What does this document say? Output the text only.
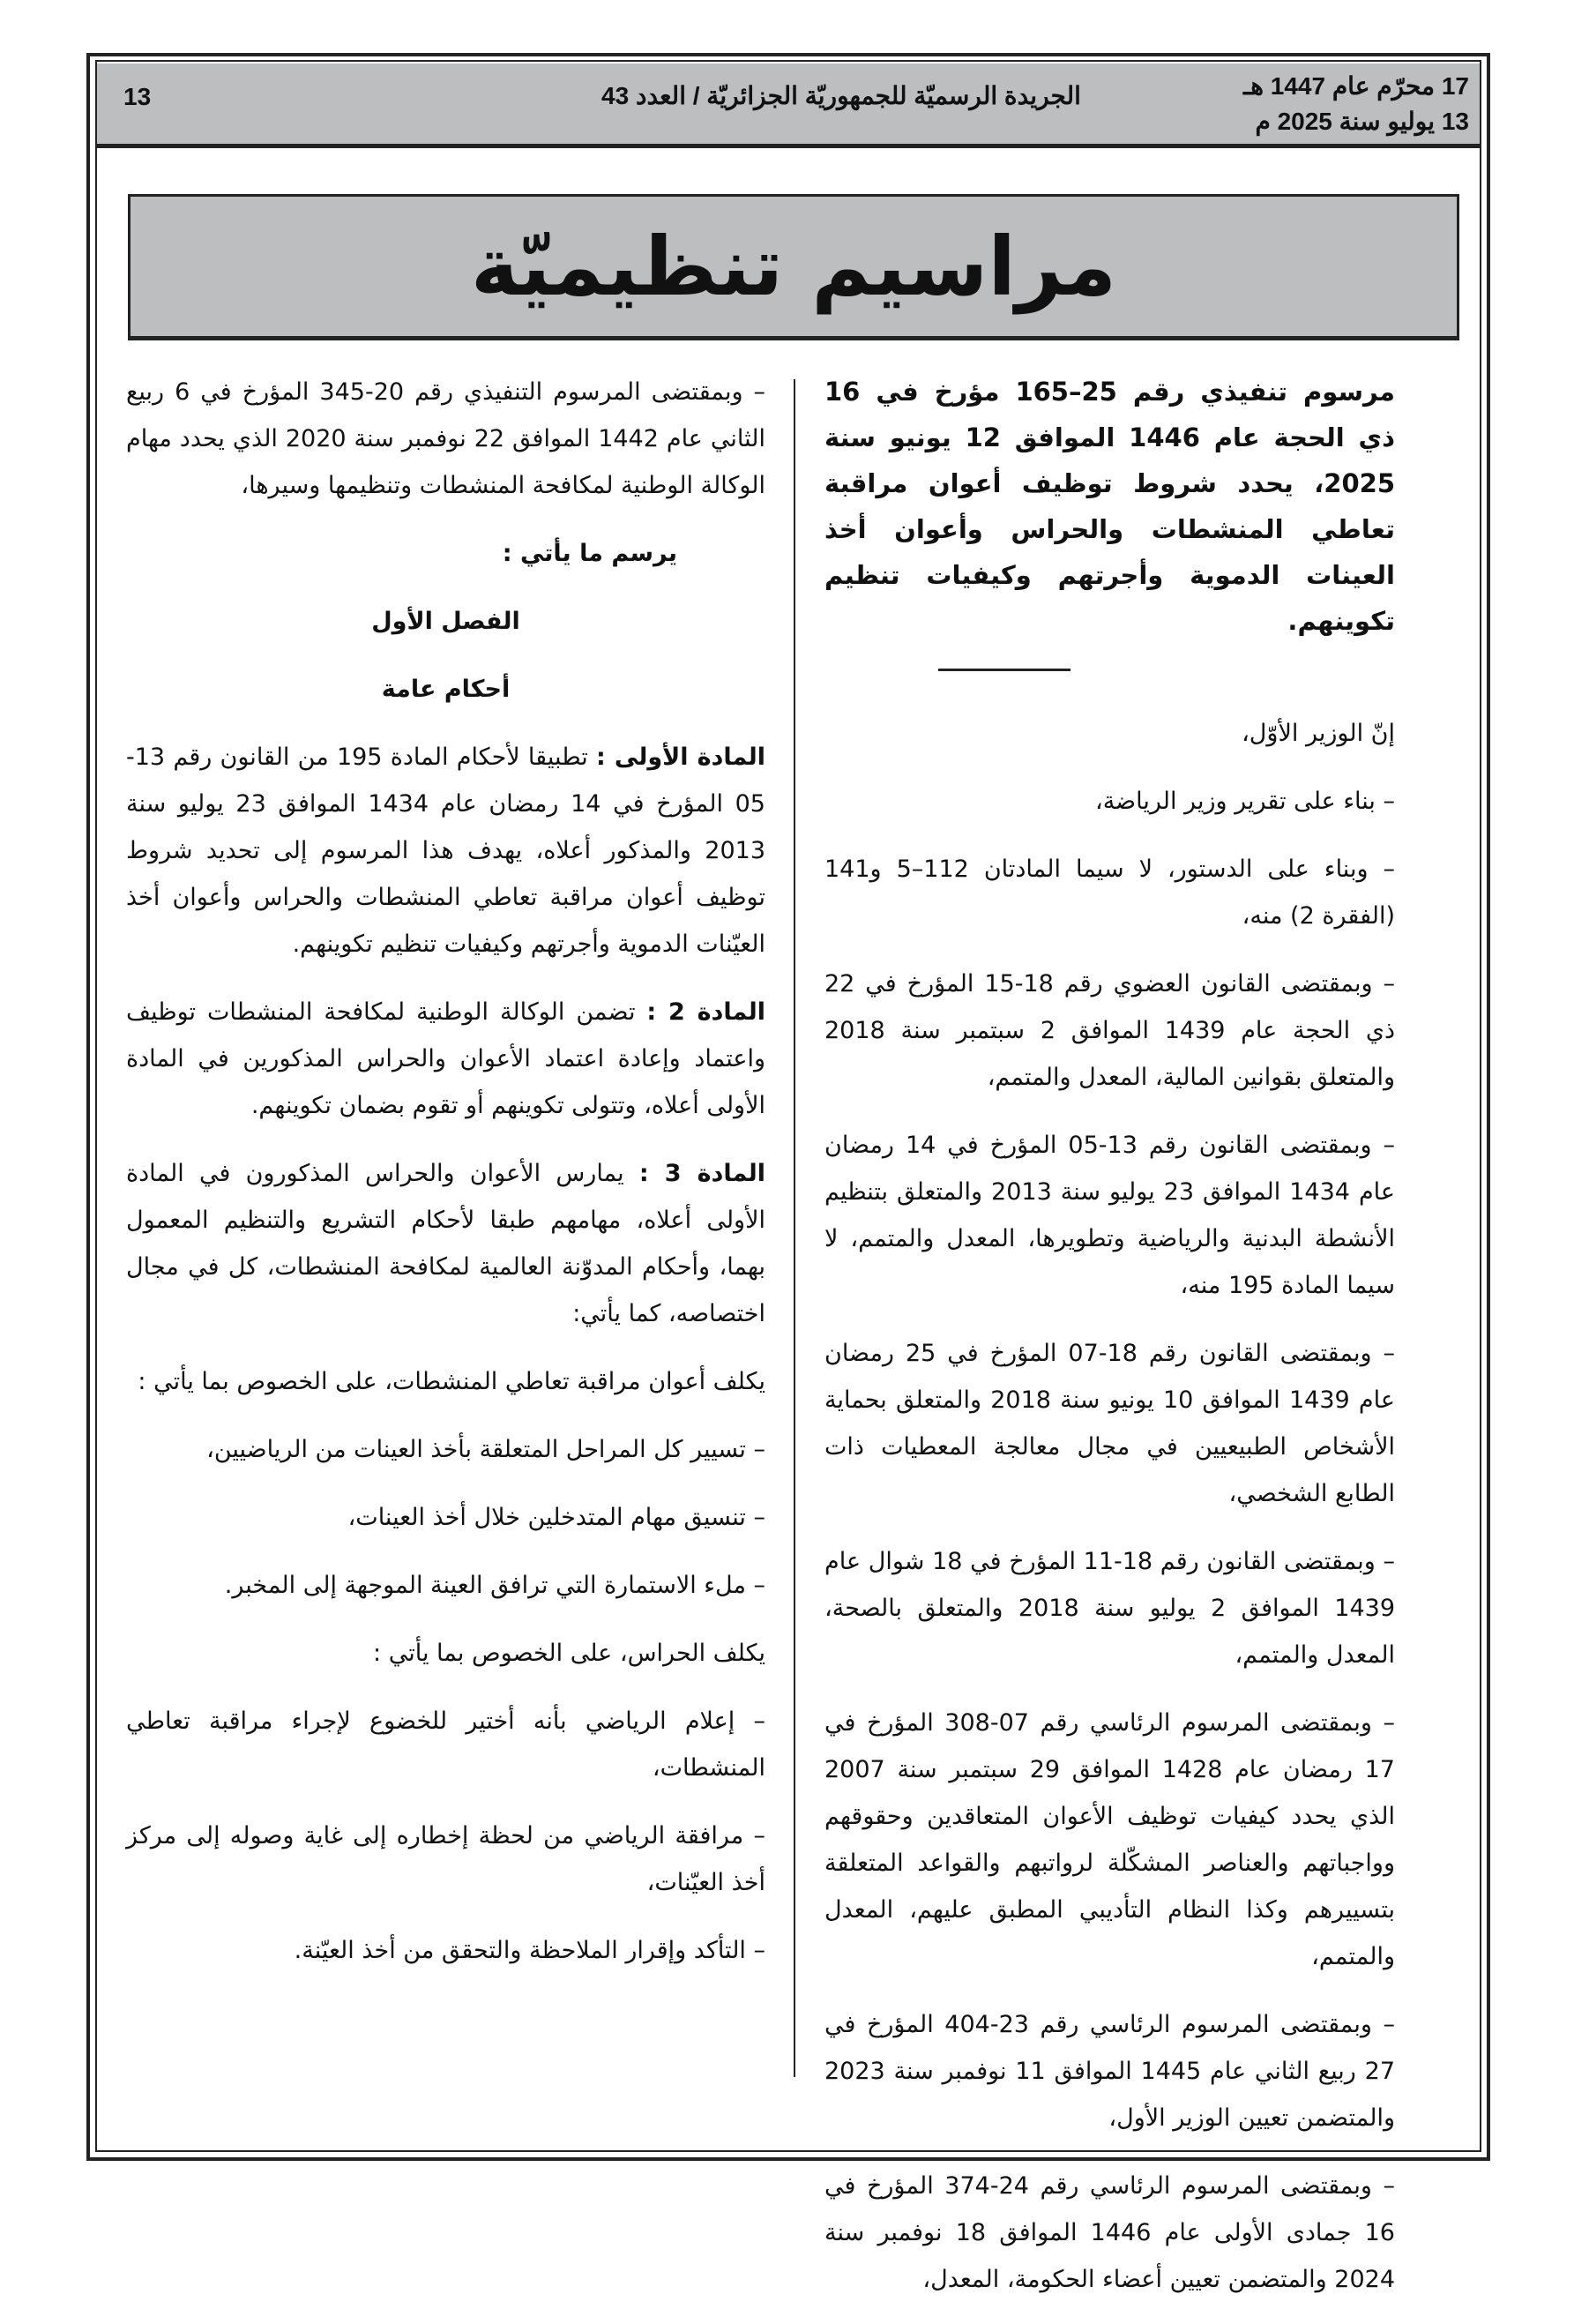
17 محرّم عام 1447 هـ
13 يوليو سنة 2025 م
الجريدة الرسميّة للجمهوريّة الجزائريّة / العدد 43
13
مراسيم تنظيميّة

مرسوم تنفيذي رقم 25–165 مؤرخ في 16 ذي الحجة عام 1446 الموافق 12 يونيو سنة 2025، يحدد شروط توظيف أعوان مراقبة تعاطي المنشطات والحراس وأعوان أخذ العينات الدموية وأجرتهم وكيفيات تنظيم تكوينهم.

إنّ الوزير الأوّل،

– بناء على تقرير وزير الرياضة،

– وبناء على الدستور، لا سيما المادتان 112–5 و141 (الفقرة 2) منه،

– وبمقتضى القانون العضوي رقم 18-15 المؤرخ في 22 ذي الحجة عام 1439 الموافق 2 سبتمبر سنة 2018 والمتعلق بقوانين المالية، المعدل والمتمم،

– وبمقتضى القانون رقم 13-05 المؤرخ في 14 رمضان عام 1434 الموافق 23 يوليو سنة 2013 والمتعلق بتنظيم الأنشطة البدنية والرياضية وتطويرها، المعدل والمتمم، لا سيما المادة 195 منه،

– وبمقتضى القانون رقم 18-07 المؤرخ في 25 رمضان عام 1439 الموافق 10 يونيو سنة 2018 والمتعلق بحماية الأشخاص الطبيعيين في مجال معالجة المعطيات ذات الطابع الشخصي،

– وبمقتضى القانون رقم 18-11 المؤرخ في 18 شوال عام 1439 الموافق 2 يوليو سنة 2018 والمتعلق بالصحة، المعدل والمتمم،

– وبمقتضى المرسوم الرئاسي رقم 07-308 المؤرخ في 17 رمضان عام 1428 الموافق 29 سبتمبر سنة 2007 الذي يحدد كيفيات توظيف الأعوان المتعاقدين وحقوقهم وواجباتهم والعناصر المشكّلة لرواتبهم والقواعد المتعلقة بتسييرهم وكذا النظام التأديبي المطبق عليهم، المعدل والمتمم،

– وبمقتضى المرسوم الرئاسي رقم 23-404 المؤرخ في 27 ربيع الثاني عام 1445 الموافق 11 نوفمبر سنة 2023 والمتضمن تعيين الوزير الأول،

– وبمقتضى المرسوم الرئاسي رقم 24-374 المؤرخ في 16 جمادى الأولى عام 1446 الموافق 18 نوفمبر سنة 2024 والمتضمن تعيين أعضاء الحكومة، المعدل،

– وبمقتضى المرسوم التنفيذي رقم 20-345 المؤرخ في 6 ربيع الثاني عام 1442 الموافق 22 نوفمبر سنة 2020 الذي يحدد مهام الوكالة الوطنية لمكافحة المنشطات وتنظيمها وسيرها،

يرسم ما يأتي :

الفصل الأول

أحكام عامة

المادة الأولى : تطبيقا لأحكام المادة 195 من القانون رقم 13-05 المؤرخ في 14 رمضان عام 1434 الموافق 23 يوليو سنة 2013 والمذكور أعلاه، يهدف هذا المرسوم إلى تحديد شروط توظيف أعوان مراقبة تعاطي المنشطات والحراس وأعوان أخذ العيّنات الدموية وأجرتهم وكيفيات تنظيم تكوينهم.

المادة 2 : تضمن الوكالة الوطنية لمكافحة المنشطات توظيف واعتماد وإعادة اعتماد الأعوان والحراس المذكورين في المادة الأولى أعلاه، وتتولى تكوينهم أو تقوم بضمان تكوينهم.

المادة 3 : يمارس الأعوان والحراس المذكورون في المادة الأولى أعلاه، مهامهم طبقا لأحكام التشريع والتنظيم المعمول بهما، وأحكام المدوّنة العالمية لمكافحة المنشطات، كل في مجال اختصاصه، كما يأتي:

يكلف أعوان مراقبة تعاطي المنشطات، على الخصوص بما يأتي :

– تسيير كل المراحل المتعلقة بأخذ العينات من الرياضيين،

– تنسيق مهام المتدخلين خلال أخذ العينات،

– ملء الاستمارة التي ترافق العينة الموجهة إلى المخبر.

يكلف الحراس، على الخصوص بما يأتي :

– إعلام الرياضي بأنه أختير للخضوع لإجراء مراقبة تعاطي المنشطات،

– مرافقة الرياضي من لحظة إخطاره إلى غاية وصوله إلى مركز أخذ العيّنات،

– التأكد وإقرار الملاحظة والتحقق من أخذ العيّنة.
